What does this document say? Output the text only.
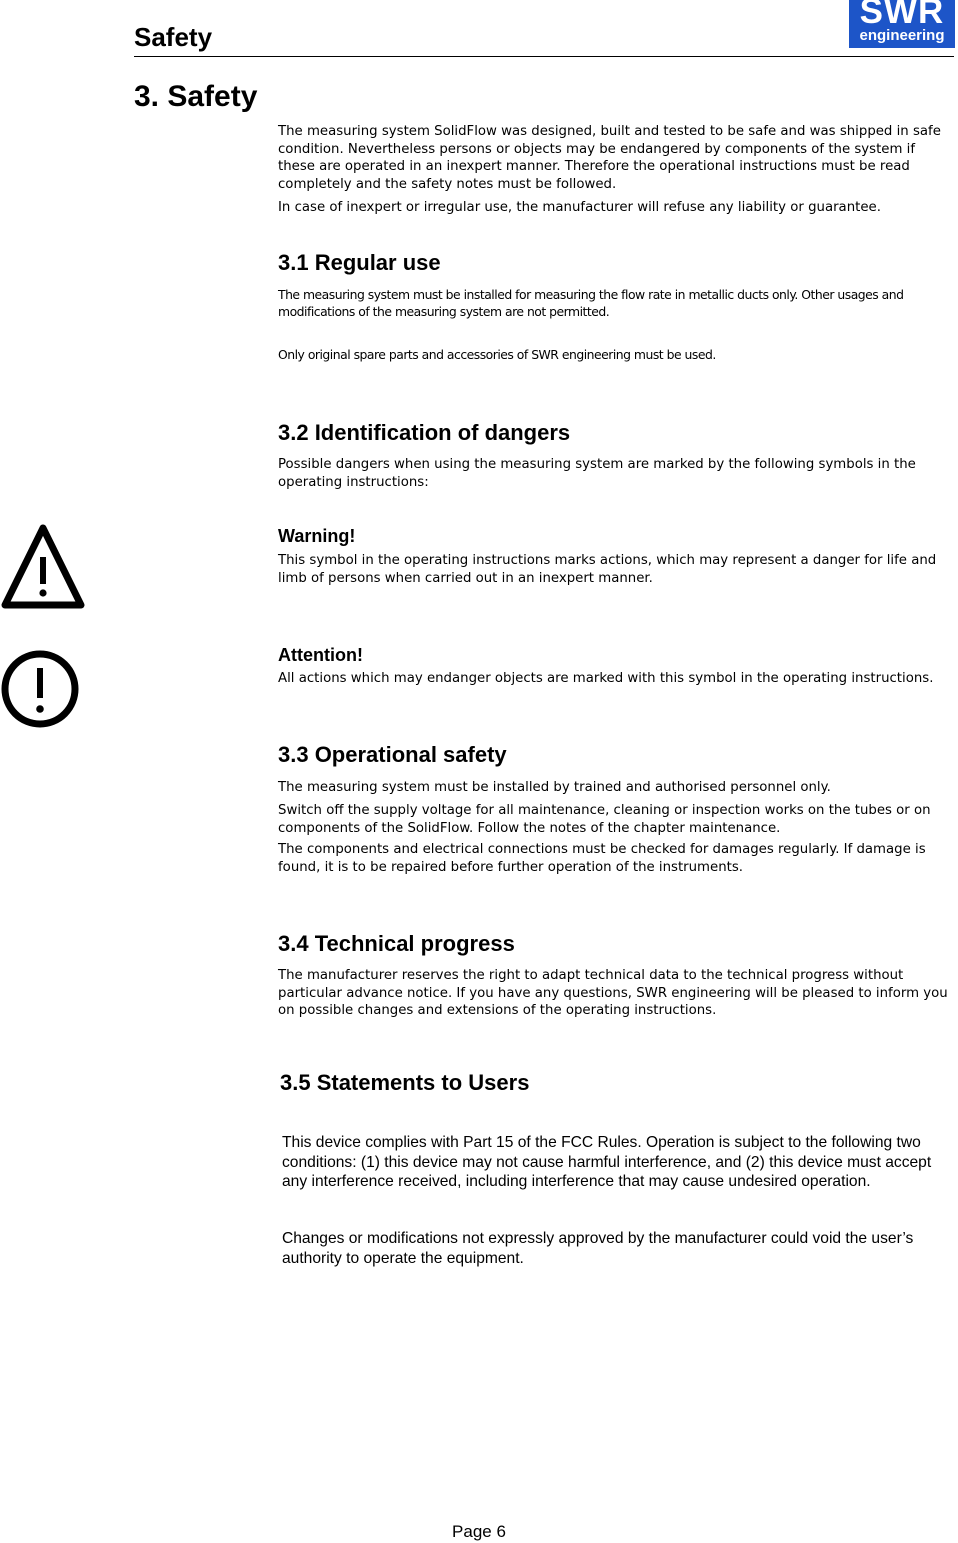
Safety
SWR
engineering
3. Safety
The measuring system SolidFlow was designed, built and tested to be safe and was shipped in safe condition. Nevertheless persons or objects may be endangered by components of the system if these are operated in an inexpert manner. Therefore the operational instructions must be read completely and the safety notes must be followed.
In case of inexpert or irregular use, the manufacturer will refuse any liability or guarantee.
3.1 Regular use
The measuring system must be installed for measuring the flow rate in metallic ducts only. Other usages and modifications of the measuring system are not permitted.
Only original spare parts and accessories of SWR engineering must be used.
3.2 Identification of dangers
Possible dangers when using the measuring system are marked by the following symbols in the operating instructions:
Warning!
This symbol in the operating instructions marks actions, which may represent a danger for life and limb of persons when carried out in an inexpert manner.
Attention!
All actions which may endanger objects are marked with this symbol in the operating instructions.
3.3 Operational safety
The measuring system must be installed by trained and authorised personnel only.
Switch off the supply voltage for all maintenance, cleaning or inspection works on the tubes or on components of the SolidFlow. Follow the notes of the chapter maintenance.
The components and electrical connections must be checked for damages regularly. If damage is found, it is to be repaired before further operation of the instruments.
3.4 Technical progress
The manufacturer reserves the right to adapt technical data to the technical progress without particular advance notice. If you have any questions, SWR engineering will be pleased to inform you on possible changes and extensions of the operating instructions.
3.5 Statements to Users
This device complies with Part 15 of the FCC Rules. Operation is subject to the following two conditions: (1) this device may not cause harmful interference, and (2) this device must accept any interference received, including interference that may cause undesired operation.
Changes or modifications not expressly approved by the manufacturer could void the user’s authority to operate the equipment.
Page 6
